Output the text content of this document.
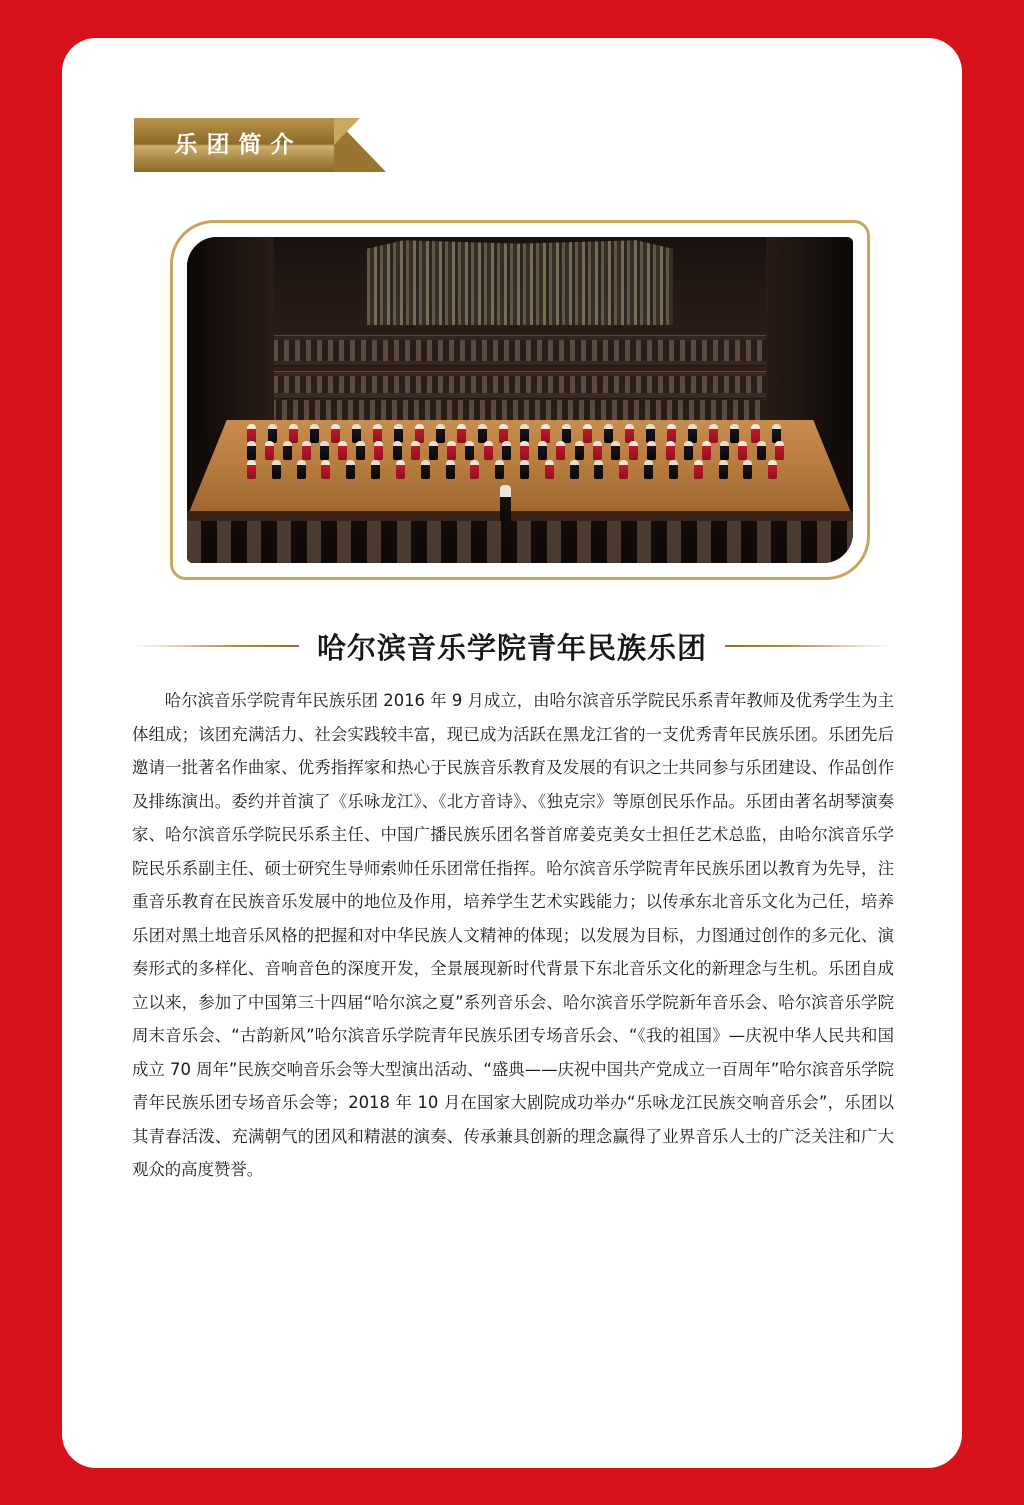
乐团简介
哈尔滨音乐学院青年民族乐团
哈尔滨音乐学院青年民族乐团 2016 年 9 月成立，由哈尔滨音乐学院民乐系青年教师及优秀学生为主体组成；该团充满活力、社会实践较丰富，现已成为活跃在黑龙江省的一支优秀青年民族乐团。乐团先后邀请一批著名作曲家、优秀指挥家和热心于民族音乐教育及发展的有识之士共同参与乐团建设、作品创作及排练演出。委约并首演了《乐咏龙江》、《北方音诗》、《独克宗》等原创民乐作品。乐团由著名胡琴演奏家、哈尔滨音乐学院民乐系主任、中国广播民族乐团名誉首席姜克美女士担任艺术总监，由哈尔滨音乐学院民乐系副主任、硕士研究生导师索帅任乐团常任指挥。哈尔滨音乐学院青年民族乐团以教育为先导，注重音乐教育在民族音乐发展中的地位及作用，培养学生艺术实践能力；以传承东北音乐文化为己任，培养乐团对黑土地音乐风格的把握和对中华民族人文精神的体现；以发展为目标，力图通过创作的多元化、演奏形式的多样化、音响音色的深度开发，全景展现新时代背景下东北音乐文化的新理念与生机。乐团自成立以来，参加了中国第三十四届“哈尔滨之夏”系列音乐会、哈尔滨音乐学院新年音乐会、哈尔滨音乐学院周末音乐会、“古韵新风”哈尔滨音乐学院青年民族乐团专场音乐会、“《我的祖国》—庆祝中华人民共和国成立 70 周年”民族交响音乐会等大型演出活动、“盛典——庆祝中国共产党成立一百周年”哈尔滨音乐学院青年民族乐团专场音乐会等；2018 年 10 月在国家大剧院成功举办“乐咏龙江民族交响音乐会”，乐团以其青春活泼、充满朝气的团风和精湛的演奏、传承兼具创新的理念赢得了业界音乐人士的广泛关注和广大观众的高度赞誉。
